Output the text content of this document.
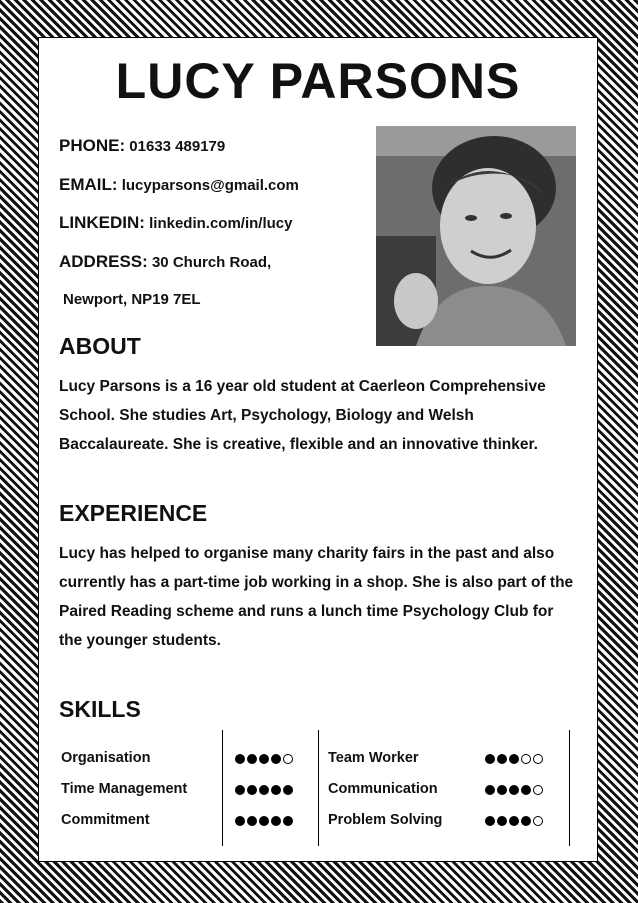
LUCY PARSONS
PHONE: 01633 489179
EMAIL: lucyparsons@gmail.com
LINKEDIN: linkedin.com/in/lucy
ADDRESS: 30 Church Road,
Newport, NP19 7EL
ABOUT

Lucy Parsons is a 16 year old student at Caerleon Comprehensive School. She studies Art, Psychology, Biology and Welsh Baccalaureate. She is creative, flexible and an innovative thinker.

EXPERIENCE

Lucy has helped to organise many charity fairs in the past and also currently has a part-time job working in a shop. She is also part of the Paired Reading scheme and runs a lunch time Psychology Club for the younger students.

SKILLS
Organisation
Time Management
Commitment
Team Worker
Communication
Problem Solving
